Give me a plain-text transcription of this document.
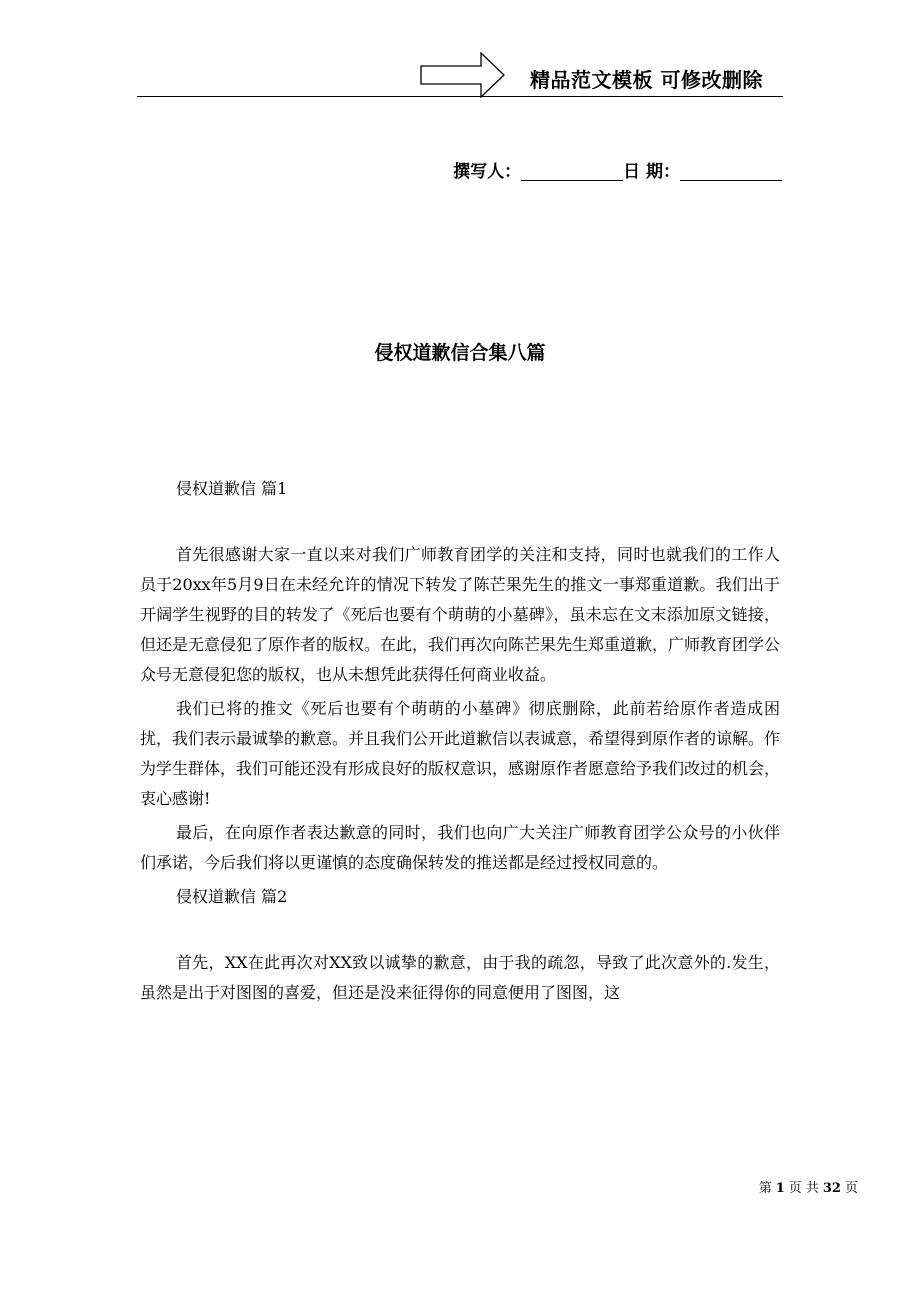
精品范文模板 可修改删除
撰写人：	日 期：
侵权道歉信合集八篇

侵权道歉信 篇1

首先很感谢大家一直以来对我们广师教育团学的关注和支持，同时也就我们的工作人员于20xx年5月9日在未经允许的情况下转发了陈芒果先生的推文一事郑重道歉。我们出于开阔学生视野的目的转发了《死后也要有个萌萌的小墓碑》，虽未忘在文末添加原文链接，但还是无意侵犯了原作者的版权。在此，我们再次向陈芒果先生郑重道歉，广师教育团学公众号无意侵犯您的版权，也从未想凭此获得任何商业收益。

我们已将的推文《死后也要有个萌萌的小墓碑》彻底删除，此前若给原作者造成困扰，我们表示最诚挚的歉意。并且我们公开此道歉信以表诚意，希望得到原作者的谅解。作为学生群体，我们可能还没有形成良好的版权意识，感谢原作者愿意给予我们改过的机会，衷心感谢!

最后，在向原作者表达歉意的同时，我们也向广大关注广师教育团学公众号的小伙伴们承诺，今后我们将以更谨慎的态度确保转发的推送都是经过授权同意的。

侵权道歉信 篇2

首先，XX在此再次对XX致以诚挚的歉意，由于我的疏忽，导致了此次意外的.发生，虽然是出于对图图的喜爱，但还是没来征得你的同意便用了图图，这

第 1 页 共 32 页
